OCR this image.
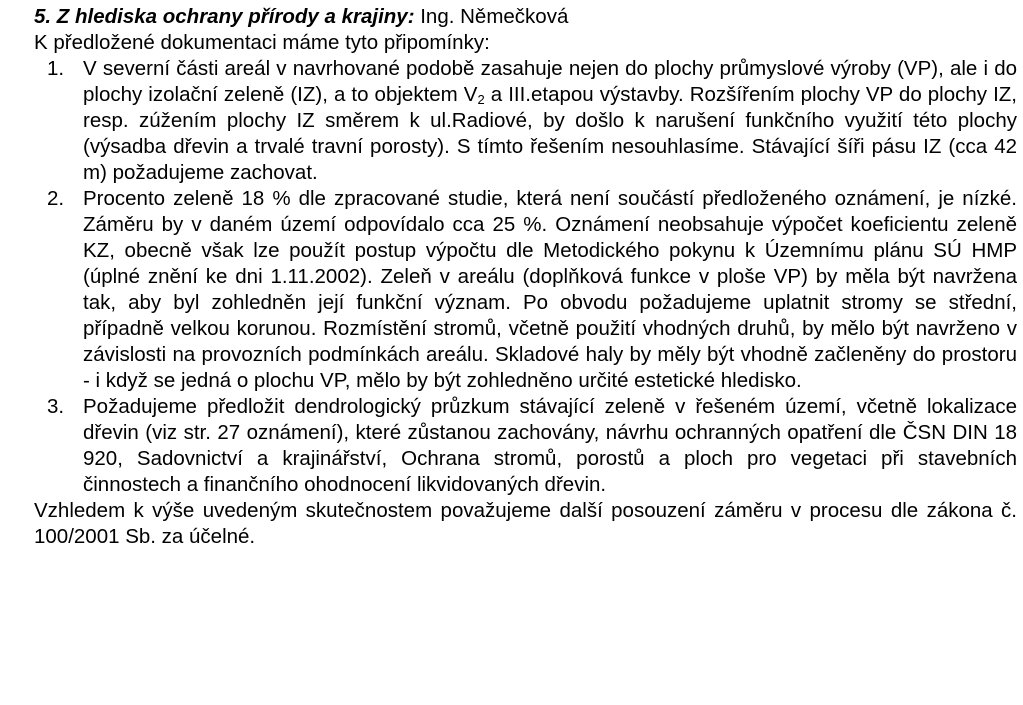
5. Z hlediska ochrany přírody a krajiny: Ing. Němečková

K předložené dokumentaci máme tyto připomínky:

1. V severní části areál v navrhované podobě zasahuje nejen do plochy průmyslové výroby (VP), ale i do plochy izolační zeleně (IZ), a to objektem $V_2$ a III.etapou výstavby. Rozšířením plochy VP do plochy IZ, resp. zúžením plochy IZ směrem k ul.Radiové, by došlo k narušení funkčního využití této plochy (výsadba dřevin a trvalé travní porosty). S tímto řešením nesouhlasíme. Stávající šíři pásu IZ (cca 42 m) požadujeme zachovat.
2. Procento zeleně 18 % dle zpracované studie, která není součástí předloženého oznámení, je nízké. Záměru by v daném území odpovídalo cca 25 %. Oznámení neobsahuje výpočet koeficientu zeleně KZ, obecně však lze použít postup výpočtu dle Metodického pokynu k Územnímu plánu SÚ HMP (úplné znění ke dni 1.11.2002). Zeleň v areálu (doplňková funkce v ploše VP) by měla být navržena tak, aby byl zohledněn její funkční význam. Po obvodu požadujeme uplatnit stromy se střední, případně velkou korunou. Rozmístění stromů, včetně použití vhodných druhů, by mělo být navrženo v závislosti na provozních podmínkách areálu. Skladové haly by měly být vhodně začleněny do prostoru - i když se jedná o plochu VP, mělo by být zohledněno určité estetické hledisko.
3. Požadujeme předložit dendrologický průzkum stávající zeleně v řešeném území, včetně lokalizace dřevin (viz str. 27 oznámení), které zůstanou zachovány, návrhu ochranných opatření dle ČSN DIN 18 920, Sadovnictví a krajinářství, Ochrana stromů, porostů a ploch pro vegetaci při stavebních činnostech a finančního ohodnocení likvidovaných dřevin.

Vzhledem k výše uvedeným skutečnostem považujeme další posouzení záměru v procesu dle zákona č. 100/2001 Sb. za účelné.
